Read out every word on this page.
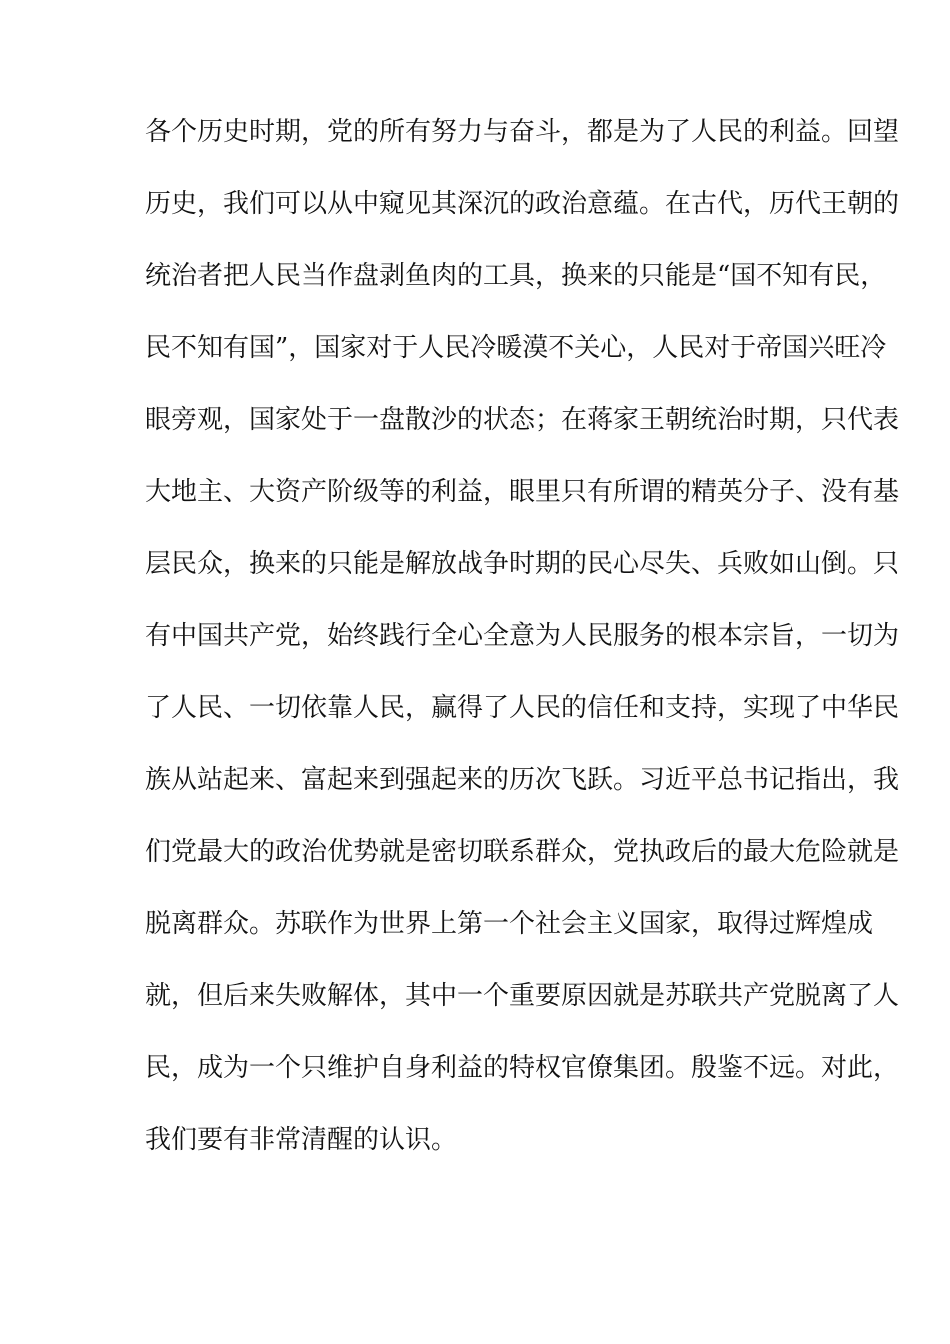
各个历史时期，党的所有努力与奋斗，都是为了人民的利益。回望
历史，我们可以从中窥见其深沉的政治意蕴。在古代，历代王朝的
统治者把人民当作盘剥鱼肉的工具，换来的只能是“国不知有民，
民不知有国”，国家对于人民冷暖漠不关心，人民对于帝国兴旺冷
眼旁观，国家处于一盘散沙的状态；在蒋家王朝统治时期，只代表
大地主、大资产阶级等的利益，眼里只有所谓的精英分子、没有基
层民众，换来的只能是解放战争时期的民心尽失、兵败如山倒。只
有中国共产党，始终践行全心全意为人民服务的根本宗旨，一切为
了人民、一切依靠人民，赢得了人民的信任和支持，实现了中华民
族从站起来、富起来到强起来的历次飞跃。习近平总书记指出，我
们党最大的政治优势就是密切联系群众，党执政后的最大危险就是
脱离群众。苏联作为世界上第一个社会主义国家，取得过辉煌成
就，但后来失败解体，其中一个重要原因就是苏联共产党脱离了人
民，成为一个只维护自身利益的特权官僚集团。殷鉴不远。对此，
我们要有非常清醒的认识。
